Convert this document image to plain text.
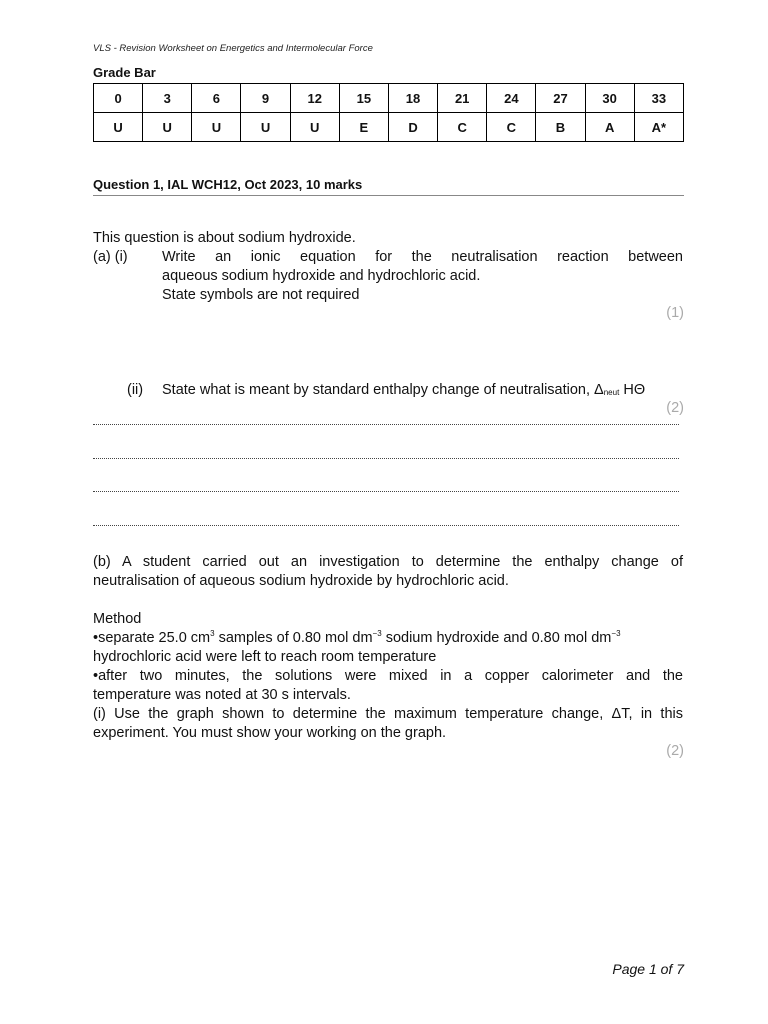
VLS - Revision Worksheet on Energetics and Intermolecular Force
Grade Bar
0	3	6	9	12	15	18	21	24	27	30	33
U	U	U	U	U	E	D	C	C	B	A	A*
Question 1, IAL WCH12, Oct 2023, 10 marks
This question is about sodium hydroxide.
(a) (i) Write an ionic equation for the neutralisation reaction between
aqueous sodium hydroxide and hydrochloric acid.
State symbols are not required
(1)
(ii) State what is meant by standard enthalpy change of neutralisation, $\Delta_{neut}$ HΘ
(2)
(b) A student carried out an investigation to determine the enthalpy change of
neutralisation of aqueous sodium hydroxide by hydrochloric acid.
Method
•separate 25.0 $cm^3$ samples of 0.80 mol $dm^{-3}$ sodium hydroxide and 0.80 mol $dm^{-3}$
hydrochloric acid were left to reach room temperature
•after two minutes, the solutions were mixed in a copper calorimeter and the
temperature was noted at 30 s intervals.
(i) Use the graph shown to determine the maximum temperature change, ΔT, in this
experiment. You must show your working on the graph.
(2)
Page 1 of 7
